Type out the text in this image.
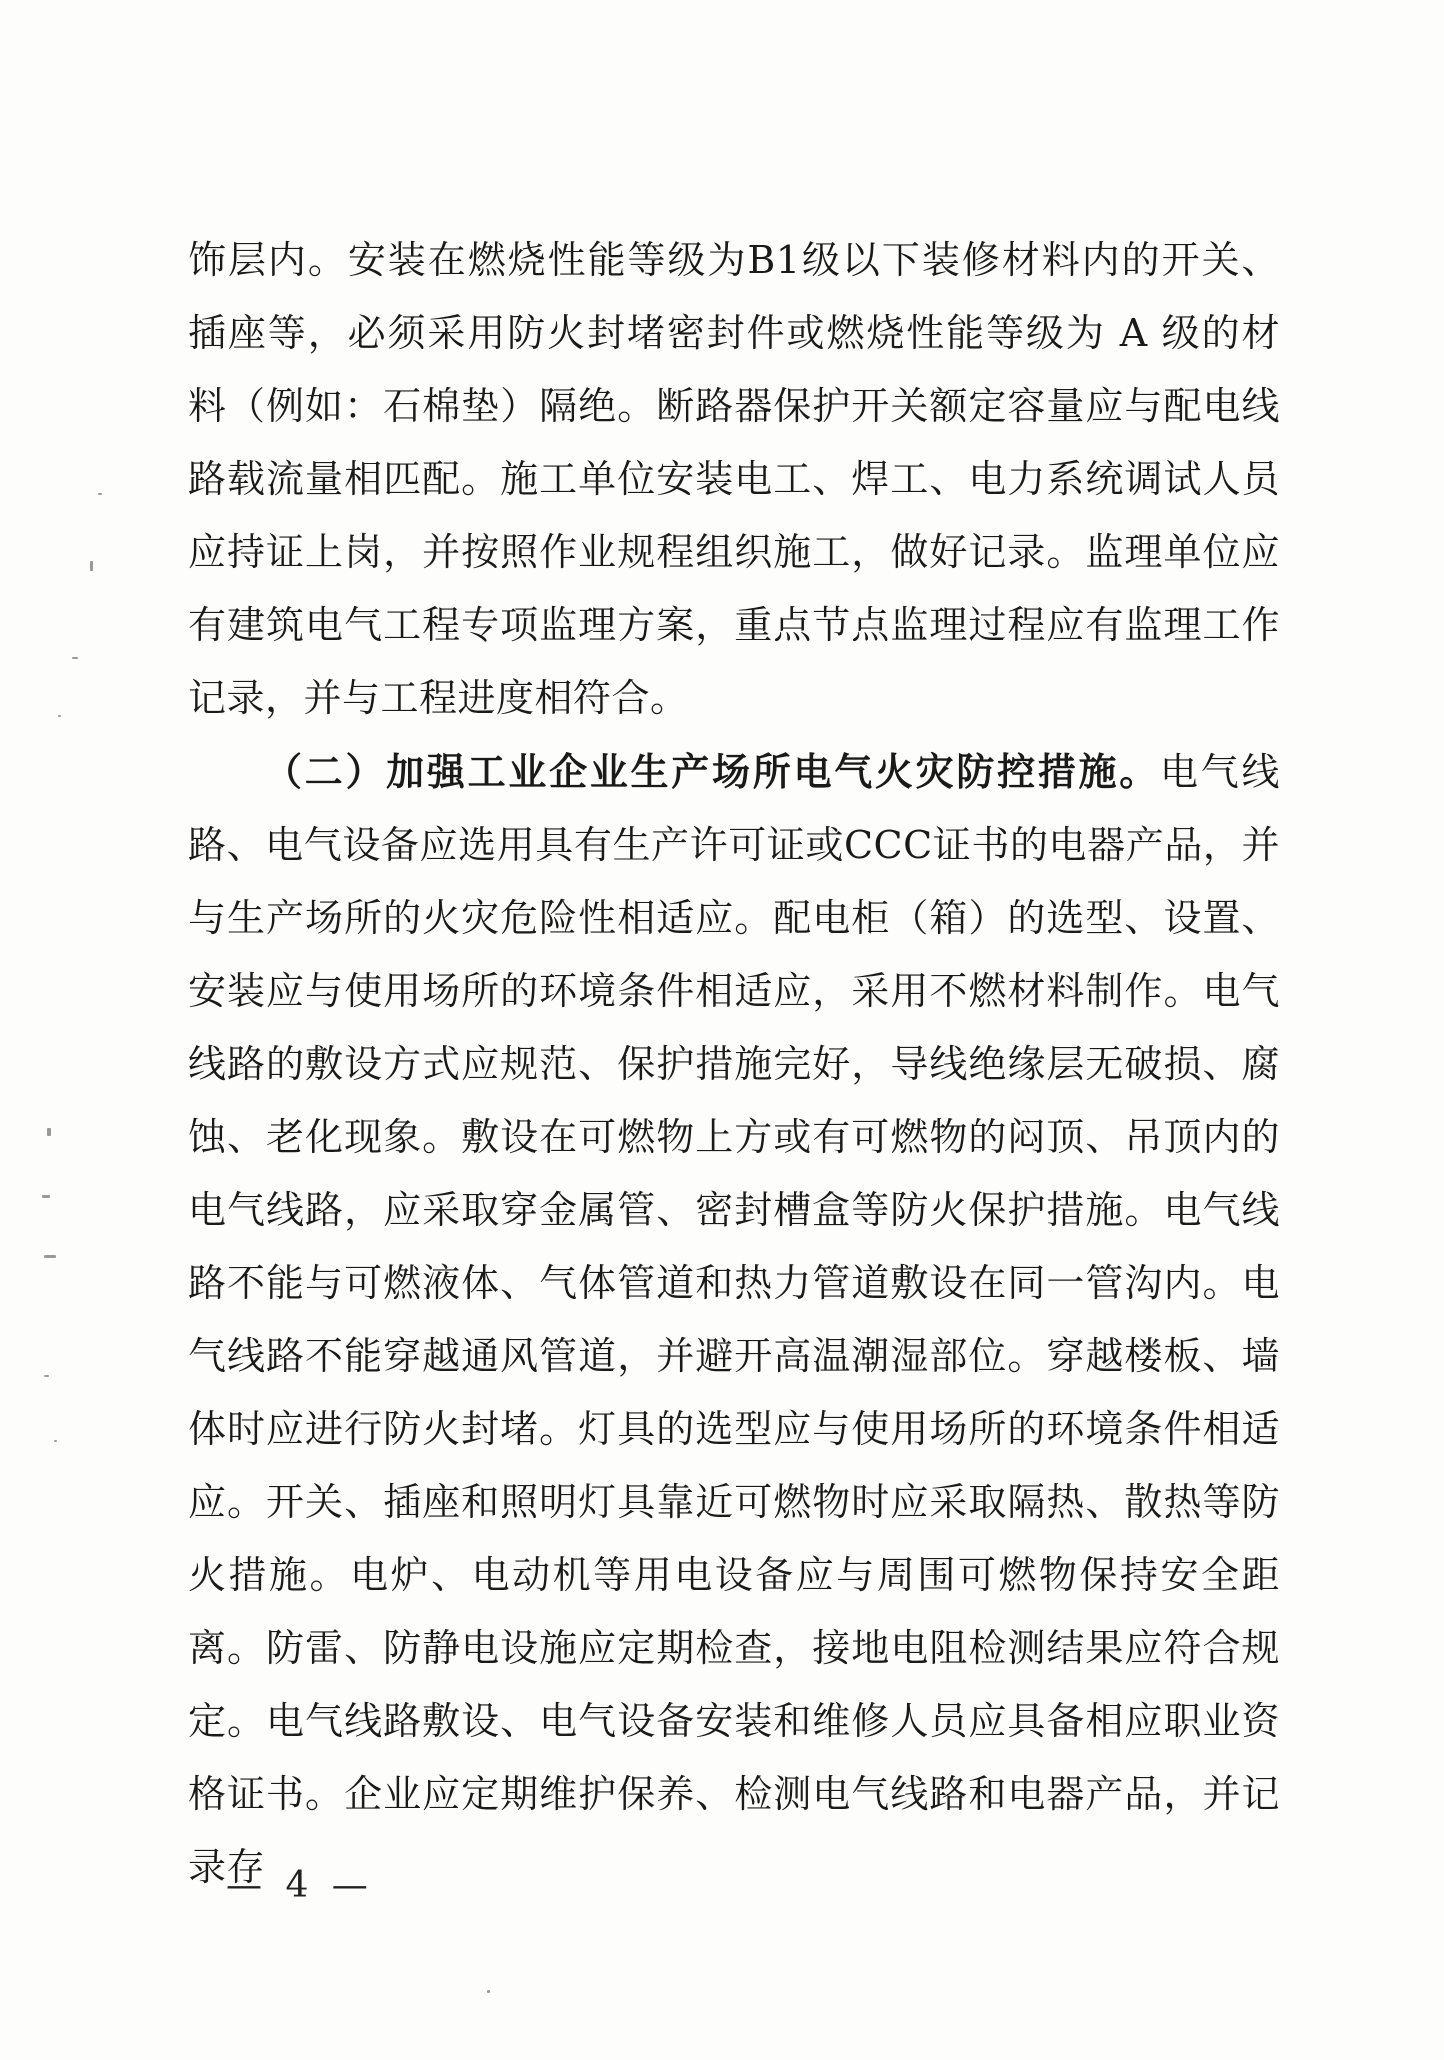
饰层内。安装在燃烧性能等级为B1级以下装修材料内的开关、插座等，必须采用防火封堵密封件或燃烧性能等级为 A 级的材料（例如：石棉垫）隔绝。断路器保护开关额定容量应与配电线路载流量相匹配。施工单位安装电工、焊工、电力系统调试人员应持证上岗，并按照作业规程组织施工，做好记录。监理单位应有建筑电气工程专项监理方案，重点节点监理过程应有监理工作记录，并与工程进度相符合。

（二）加强工业企业生产场所电气火灾防控措施。电气线路、电气设备应选用具有生产许可证或CCC证书的电器产品，并与生产场所的火灾危险性相适应。配电柜（箱）的选型、设置、安装应与使用场所的环境条件相适应，采用不燃材料制作。电气线路的敷设方式应规范、保护措施完好，导线绝缘层无破损、腐蚀、老化现象。敷设在可燃物上方或有可燃物的闷顶、吊顶内的电气线路，应采取穿金属管、密封槽盒等防火保护措施。电气线路不能与可燃液体、气体管道和热力管道敷设在同一管沟内。电气线路不能穿越通风管道，并避开高温潮湿部位。穿越楼板、墙体时应进行防火封堵。灯具的选型应与使用场所的环境条件相适应。开关、插座和照明灯具靠近可燃物时应采取隔热、散热等防火措施。电炉、电动机等用电设备应与周围可燃物保持安全距离。防雷、防静电设施应定期检查，接地电阻检测结果应符合规定。电气线路敷设、电气设备安装和维修人员应具备相应职业资格证书。企业应定期维护保养、检测电气线路和电器产品，并记录存

— 4 —
